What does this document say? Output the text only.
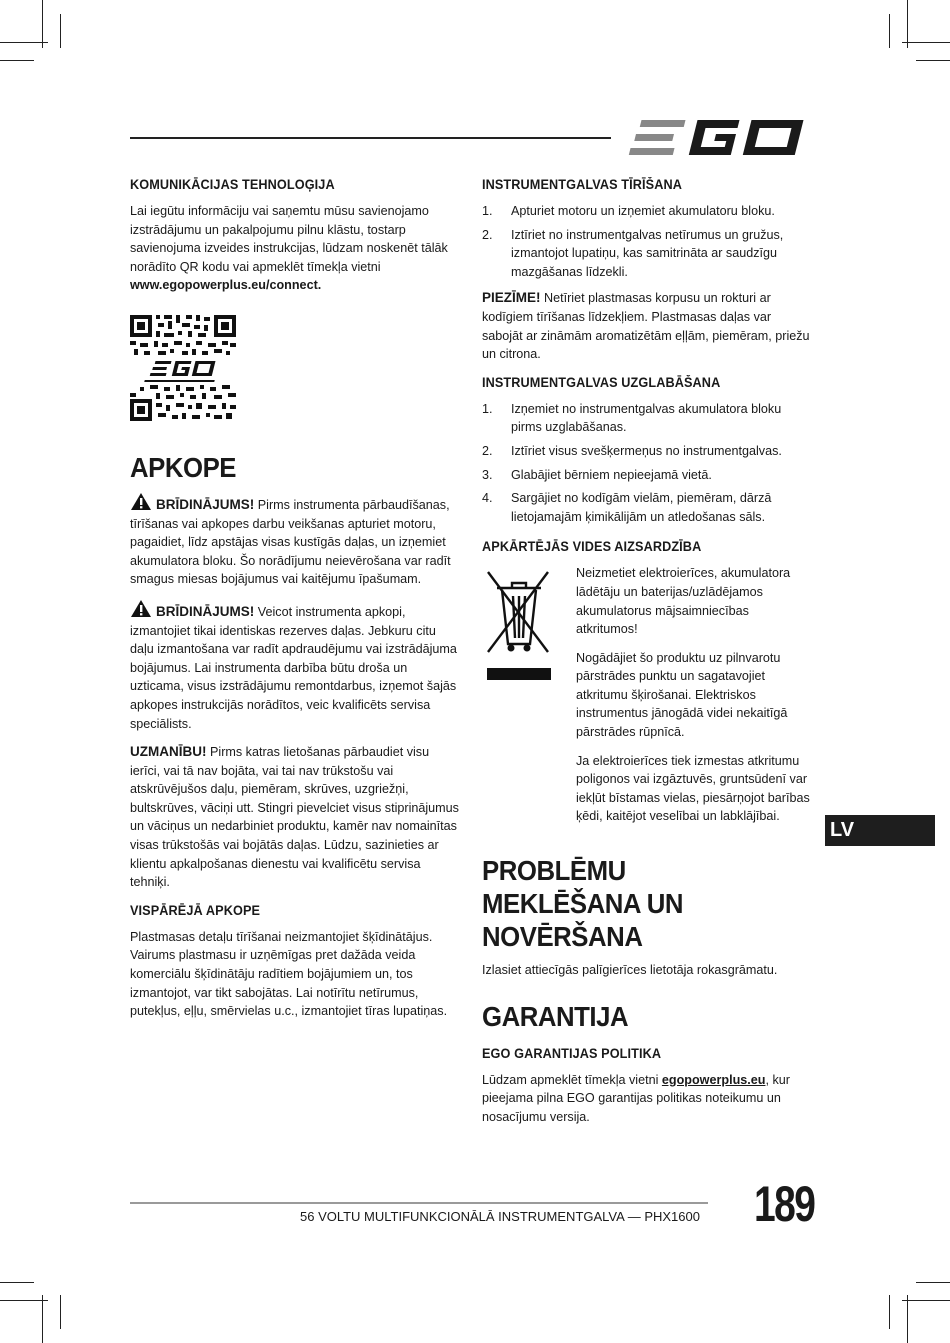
KOMUNIKĀCIJAS TEHNOLOĢIJA

Lai iegūtu informāciju vai saņemtu mūsu savienojamo izstrādājumu un pakalpojumu pilnu klāstu, tostarp savienojuma izveides instrukcijas, lūdzam noskenēt tālāk norādīto QR kodu vai apmeklēt tīmekļa vietni www.egopowerplus.eu/connect.

APKOPE

BRĪDINĀJUMS! Pirms instrumenta pārbaudīšanas, tīrīšanas vai apkopes darbu veikšanas apturiet motoru, pagaidiet, līdz apstājas visas kustīgās daļas, un izņemiet akumulatora bloku. Šo norādījumu neievērošana var radīt smagus miesas bojājumus vai kaitējumu īpašumam.

BRĪDINĀJUMS! Veicot instrumenta apkopi, izmantojiet tikai identiskas rezerves daļas. Jebkuru citu daļu izmantošana var radīt apdraudējumu vai izstrādājuma bojājumus. Lai instrumenta darbība būtu droša un uzticama, visus izstrādājumu remontdarbus, izņemot šajās apkopes instrukcijās norādītos, veic kvalificēts servisa speciālists.

UZMANĪBU! Pirms katras lietošanas pārbaudiet visu ierīci, vai tā nav bojāta, vai tai nav trūkstošu vai atskrūvējušos daļu, piemēram, skrūves, uzgriežņi, bultskrūves, vāciņi utt. Stingri pievelciet visus stiprinājumus un vāciņus un nedarbiniet produktu, kamēr nav nomainītas visas trūkstošās vai bojātās daļas. Lūdzu, sazinieties ar klientu apkalpošanas dienestu vai kvalificētu servisa tehniķi.

VISPĀRĒJĀ APKOPE

Plastmasas detaļu tīrīšanai neizmantojiet šķīdinātājus. Vairums plastmasu ir uzņēmīgas pret dažāda veida komerciālu šķīdinātāju radītiem bojājumiem un, tos izmantojot, var tikt sabojātas. Lai notīrītu netīrumus, putekļus, eļļu, smērvielas u.c., izmantojiet tīras lupatiņas.

INSTRUMENTGALVAS TĪRĪŠANA
1.	Apturiet motoru un izņemiet akumulatoru bloku.
2.	Iztīriet no instrumentgalvas netīrumus un gružus, izmantojot lupatiņu, kas samitrināta ar saudzīgu mazgāšanas līdzekli.

PIEZĪME! Netīriet plastmasas korpusu un rokturi ar kodīgiem tīrīšanas līdzekļiem. Plastmasas daļas var sabojāt ar zināmām aromatizētām eļļām, piemēram, priežu un citrona.

INSTRUMENTGALVAS UZGLABĀŠANA
1.	Izņemiet no instrumentgalvas akumulatora bloku pirms uzglabāšanas.
2.	Iztīriet visus svešķermeņus no instrumentgalvas.
3.	Glabājiet bērniem nepieejamā vietā.
4.	Sargājiet no kodīgām vielām, piemēram, dārzā lietojamajām ķimikālijām un atledošanas sāls.
APKĀRTĒJĀS VIDES AIZSARDZĪBA

Neizmetiet elektroierīces, akumulatora lādētāju un baterijas/uzlādējamos akumulatorus mājsaimniecības atkritumos!

Nogādājiet šo produktu uz pilnvarotu pārstrādes punktu un sagatavojiet atkritumu šķirošanai. Elektriskos instrumentus jānogādā videi nekaitīgā pārstrādes rūpnīcā.

Ja elektroierīces tiek izmestas atkritumu poligonos vai izgāztuvēs, gruntsūdenī var iekļūt bīstamas vielas, piesārņojot barības ķēdi, kaitējot veselībai un labklājībai.

PROBLĒMU MEKLĒŠANA UN NOVĒRŠANA

Izlasiet attiecīgās palīgierīces lietotāja rokasgrāmatu.

GARANTIJA
EGO GARANTIJAS POLITIKA

Lūdzam apmeklēt tīmekļa vietni egopowerplus.eu, kur pieejama pilna EGO garantijas politikas noteikumu un nosacījumu versija.

LV
56 VOLTU MULTIFUNKCIONĀLĀ INSTRUMENTGALVA — PHX1600 189
